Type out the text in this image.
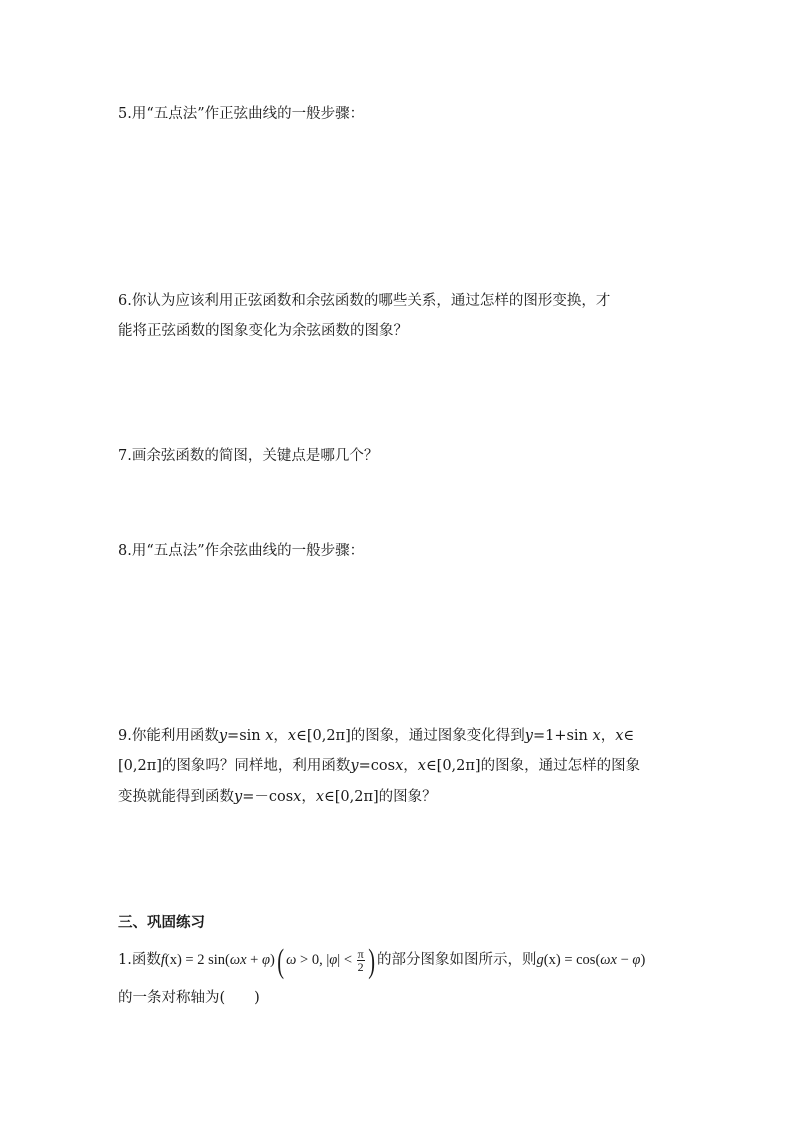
5.用“五点法”作正弦曲线的一般步骤：
6.你认为应该利用正弦函数和余弦函数的哪些关系，通过怎样的图形变换，才
能将正弦函数的图象变化为余弦函数的图象？
7.画余弦函数的简图，关键点是哪几个？
8.用“五点法”作余弦曲线的一般步骤：
9.你能利用函数y=sin x，x∈[0,2π]的图象，通过图象变化得到y=1+sin x，x∈
[0,2π]的图象吗？同样地，利用函数y=cosx，x∈[0,2π]的图象，通过怎样的图象
变换就能得到函数y=－cosx，x∈[0,2π]的图象？
三、巩固练习
1.函数f(x) = 2 sin(ωx + φ)( ω > 0, $|\varphi| < \frac{\pi}{2}$ ) 的部分图象如图所示，则g(x) = cos(ωx − φ)
的一条对称轴为(　　)
